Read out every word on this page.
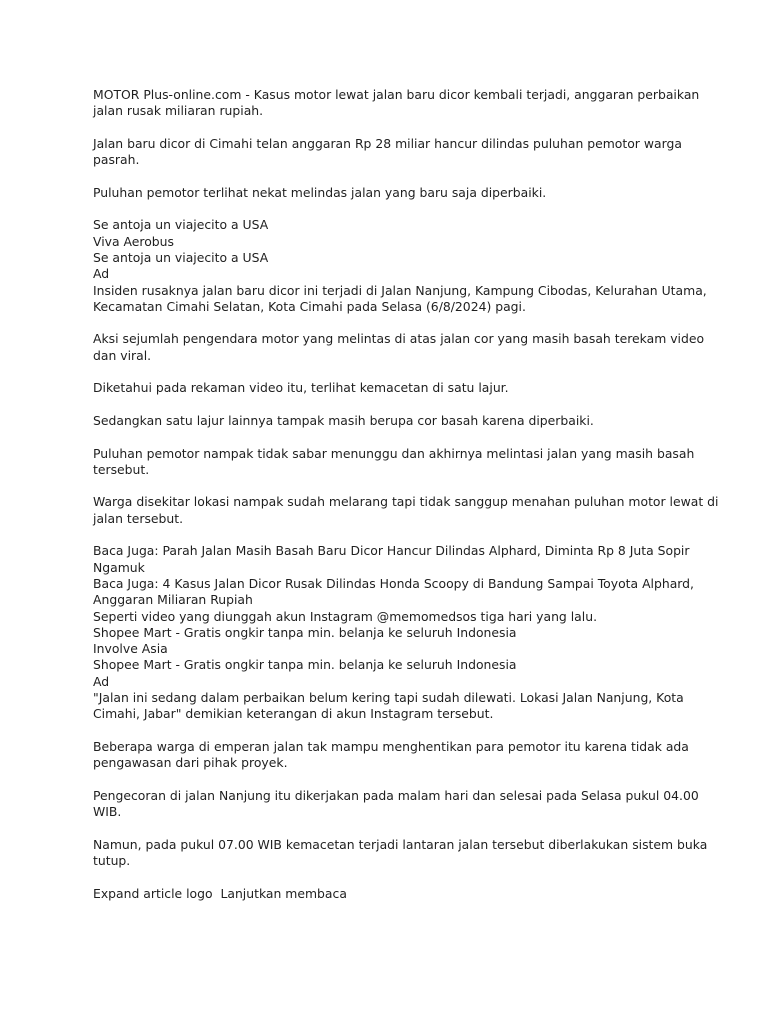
MOTOR Plus-online.com - Kasus motor lewat jalan baru dicor kembali terjadi, anggaran perbaikan
jalan rusak miliaran rupiah.

Jalan baru dicor di Cimahi telan anggaran Rp 28 miliar hancur dilindas puluhan pemotor warga
pasrah.

Puluhan pemotor terlihat nekat melindas jalan yang baru saja diperbaiki.

Se antoja un viajecito a USA
Viva Aerobus
Se antoja un viajecito a USA
Ad

Insiden rusaknya jalan baru dicor ini terjadi di Jalan Nanjung, Kampung Cibodas, Kelurahan Utama,
Kecamatan Cimahi Selatan, Kota Cimahi pada Selasa (6/8/2024) pagi.

Aksi sejumlah pengendara motor yang melintas di atas jalan cor yang masih basah terekam video
dan viral.

Diketahui pada rekaman video itu, terlihat kemacetan di satu lajur.

Sedangkan satu lajur lainnya tampak masih berupa cor basah karena diperbaiki.

Puluhan pemotor nampak tidak sabar menunggu dan akhirnya melintasi jalan yang masih basah
tersebut.

Warga disekitar lokasi nampak sudah melarang tapi tidak sanggup menahan puluhan motor lewat di
jalan tersebut.

Baca Juga: Parah Jalan Masih Basah Baru Dicor Hancur Dilindas Alphard, Diminta Rp 8 Juta Sopir
Ngamuk
Baca Juga: 4 Kasus Jalan Dicor Rusak Dilindas Honda Scoopy di Bandung Sampai Toyota Alphard,
Anggaran Miliaran Rupiah
Seperti video yang diunggah akun Instagram @memomedsos tiga hari yang lalu.
Shopee Mart - Gratis ongkir tanpa min. belanja ke seluruh Indonesia
Involve Asia
Shopee Mart - Gratis ongkir tanpa min. belanja ke seluruh Indonesia
Ad

"Jalan ini sedang dalam perbaikan belum kering tapi sudah dilewati. Lokasi Jalan Nanjung, Kota
Cimahi, Jabar" demikian keterangan di akun Instagram tersebut.

Beberapa warga di emperan jalan tak mampu menghentikan para pemotor itu karena tidak ada
pengawasan dari pihak proyek.

Pengecoran di jalan Nanjung itu dikerjakan pada malam hari dan selesai pada Selasa pukul 04.00
WIB.

Namun, pada pukul 07.00 WIB kemacetan terjadi lantaran jalan tersebut diberlakukan sistem buka
tutup.

Expand article logo Lanjutkan membaca
